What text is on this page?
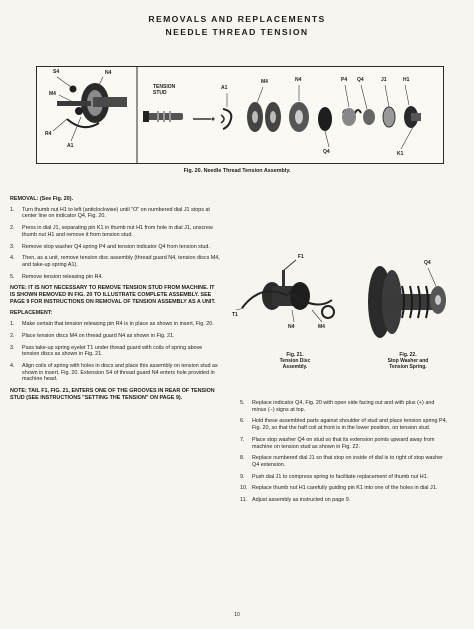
REMOVALS AND REPLACEMENTS
NEEDLE THREAD TENSION
S4	N4
M4
R4
A1
TENSION
STUD
A1
M4	N4
Q4
P4 Q4	J1	H1
K1
Fig. 20. Needle Thread Tension Assembly.

REMOVAL: (See Fig. 20).

1.	Turn thumb nut H1 to left (anticlockwise) until "O" on numbered dial J1 stops at center line on indicator Q4, Fig. 20.
2.	Press in dial J1, separating pin K1 in thumb nut H1 from hole in dial J1, unscrew thumb nut H1 and remove it from tension stud.
3.	Remove stop washer Q4 spring P4 and tension indicator Q4 from tension stud.
4.	Then, as a unit, remove tension disc assembly (thread guard N4, tension discs M4, and take-up spring A1).
5.	Remove tension releasing pin R4.

NOTE: IT IS NOT NECESSARY TO REMOVE TENSION STUD FROM MACHINE. IT IS SHOWN REMOVED IN FIG. 20 TO ILLUSTRATE COMPLETE ASSEMBLY. SEE PAGE 9 FOR INSTRUCTIONS ON REMOVAL OF TENSION ASSEMBLY AS A UNIT.

REPLACEMENT:

1.	Make certain that tension releasing pin R4 is in place as shown in insert, Fig. 20.
2.	Place tension discs M4 on thread guard N4 as shown in Fig. 21.
3.	Pass take-up spring eyelet T1 under thread guard with coils of spring above tension discs as shown in Fig. 21.
4.	Align coils of spring with holes in discs and place this assembly on tension stud as shown in insert, Fig. 20. Extension S4 of thread guard N4 enters hole provided in machine head.

NOTE: TAIL F1, FIG. 21, ENTERS ONE OF THE GROOVES IN REAR OF TENSION STUD (SEE INSTRUCTIONS "SETTING THE TENSION" ON PAGE 9).

F1
T1
N4	M4
Q4
Fig. 21.
Tension Disc
Assembly.
Fig. 22.
Stop Washer and
Tension Spring.
5.	Replace indicator Q4, Fig. 20 with open side facing out and with plus (+) and minus (−) signs at top.
6.	Hold these assembled parts against shoulder of stud and place tension spring P4, Fig. 20, so that the half coil at front is in the lower position, on tension stud.
7.	Place stop washer Q4 on stud so that its extension points upward away from machine on tension stud as shown in Fig. 22.
8.	Replace numbered dial J1 so that stop on inside of dial is to right of stop washer Q4 extension.
9.	Push dial J1 to compress spring to facilitate replacement of thumb nut H1.
10. Replace thumb nut H1 carefully guiding pin K1 into one of the holes in dial J1.
11. Adjust assembly as instructed on page 9.
10
